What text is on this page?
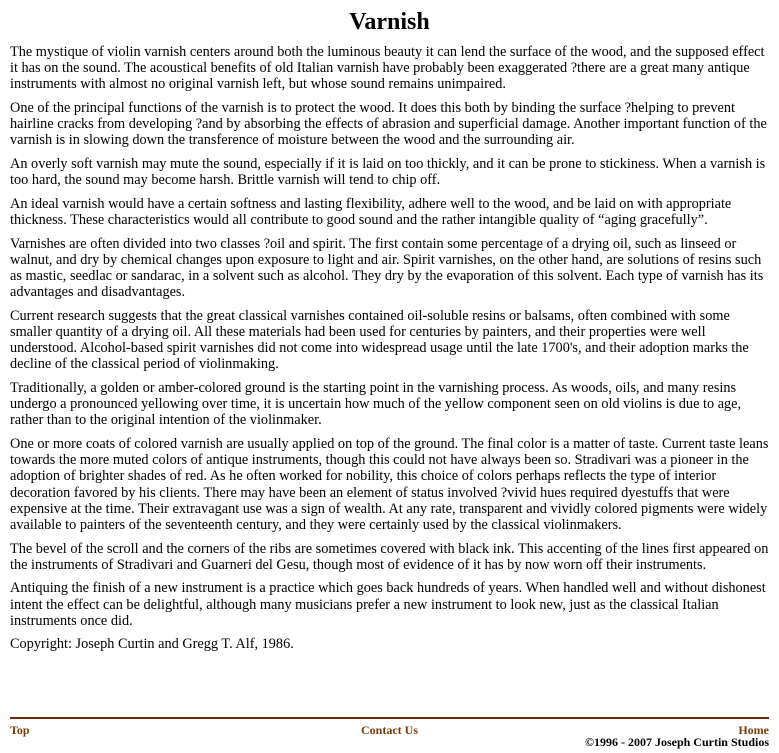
Varnish

The mystique of violin varnish centers around both the luminous beauty it can lend the surface of the wood, and the supposed effect it has on the sound. The acoustical benefits of old Italian varnish have probably been exaggerated ?there are a great many antique instruments with almost no original varnish left, but whose sound remains unimpaired.

One of the principal functions of the varnish is to protect the wood. It does this both by binding the surface ?helping to prevent hairline cracks from developing ?and by absorbing the effects of abrasion and superficial damage. Another important function of the varnish is in slowing down the transference of moisture between the wood and the surrounding air.

An overly soft varnish may mute the sound, especially if it is laid on too thickly, and it can be prone to stickiness. When a varnish is too hard, the sound may become harsh. Brittle varnish will tend to chip off.

An ideal varnish would have a certain softness and lasting flexibility, adhere well to the wood, and be laid on with appropriate thickness. These characteristics would all contribute to good sound and the rather intangible quality of “aging gracefully”.

Varnishes are often divided into two classes ?oil and spirit. The first contain some percentage of a drying oil, such as linseed or walnut, and dry by chemical changes upon exposure to light and air. Spirit varnishes, on the other hand, are solutions of resins such as mastic, seedlac or sandarac, in a solvent such as alcohol. They dry by the evaporation of this solvent. Each type of varnish has its advantages and disadvantages.

Current research suggests that the great classical varnishes contained oil-soluble resins or balsams, often combined with some smaller quantity of a drying oil. All these materials had been used for centuries by painters, and their properties were well understood. Alcohol-based spirit varnishes did not come into widespread usage until the late 1700's, and their adoption marks the decline of the classical period of violinmaking.

Traditionally, a golden or amber-colored ground is the starting point in the varnishing process. As woods, oils, and many resins undergo a pronounced yellowing over time, it is uncertain how much of the yellow component seen on old violins is due to age, rather than to the original intention of the violinmaker.

One or more coats of colored varnish are usually applied on top of the ground. The final color is a matter of taste. Current taste leans towards the more muted colors of antique instruments, though this could not have always been so. Stradivari was a pioneer in the adoption of brighter shades of red. As he often worked for nobility, this choice of colors perhaps reflects the type of interior decoration favored by his clients. There may have been an element of status involved ?vivid hues required dyestuffs that were expensive at the time. Their extravagant use was a sign of wealth. At any rate, transparent and vividly colored pigments were widely available to painters of the seventeenth century, and they were certainly used by the classical violinmakers.

The bevel of the scroll and the corners of the ribs are sometimes covered with black ink. This accenting of the lines first appeared on the instruments of Stradivari and Guarneri del Gesu, though most of evidence of it has by now worn off their instruments.

Antiquing the finish of a new instrument is a practice which goes back hundreds of years. When handled well and without dishonest intent the effect can be delightful, although many musicians prefer a new instrument to look new, just as the classical Italian instruments once did.

Copyright: Joseph Curtin and Gregg T. Alf, 1986.

Top	Contact Us	Home
©1996 - 2007 Joseph Curtin Studios
